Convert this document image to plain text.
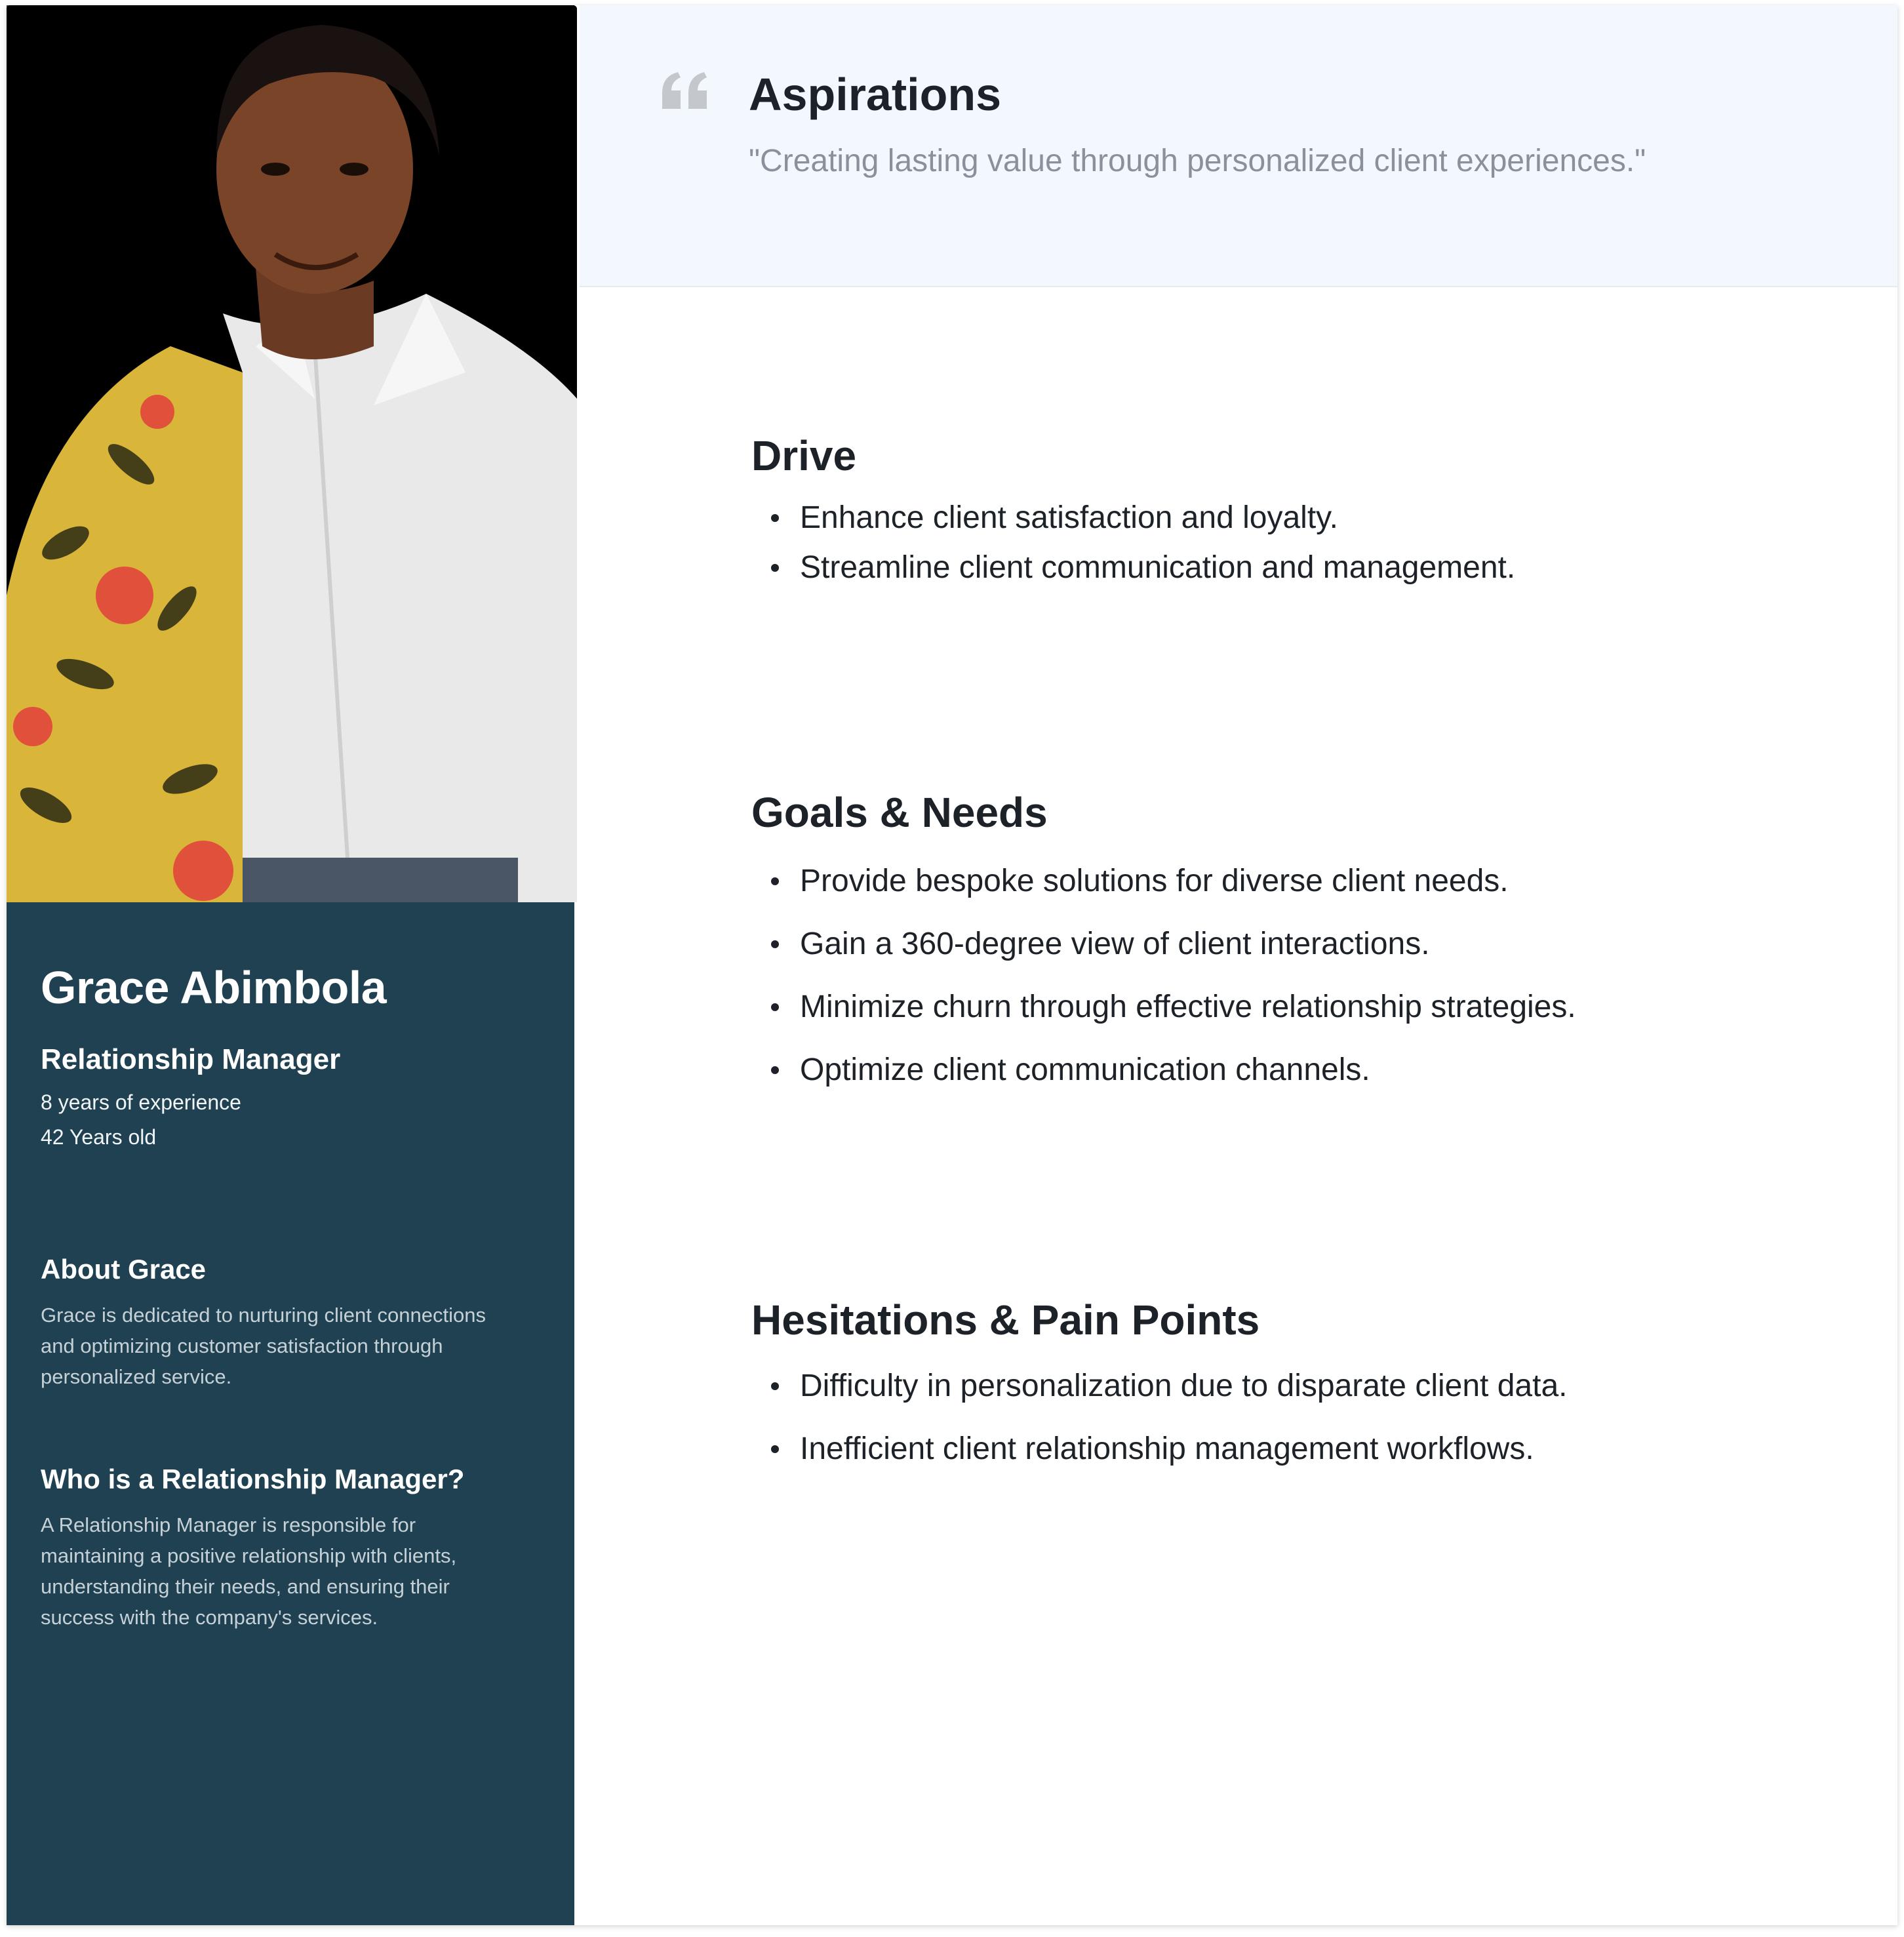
Grace Abimbola

Relationship Manager

8 years of experience
42 Years old
About Grace

Grace is dedicated to nurturing client connections and optimizing customer satisfaction through personalized service.

Who is a Relationship Manager?

A Relationship Manager is responsible for maintaining a positive relationship with clients, understanding their needs, and ensuring their success with the company's services.

Aspirations

"Creating lasting value through personalized client experiences."

Drive
Enhance client satisfaction and loyalty.
Streamline client communication and management.
Goals & Needs
Provide bespoke solutions for diverse client needs.
Gain a 360-degree view of client interactions.
Minimize churn through effective relationship strategies.
Optimize client communication channels.
Hesitations & Pain Points
Difficulty in personalization due to disparate client data.
Inefficient client relationship management workflows.
